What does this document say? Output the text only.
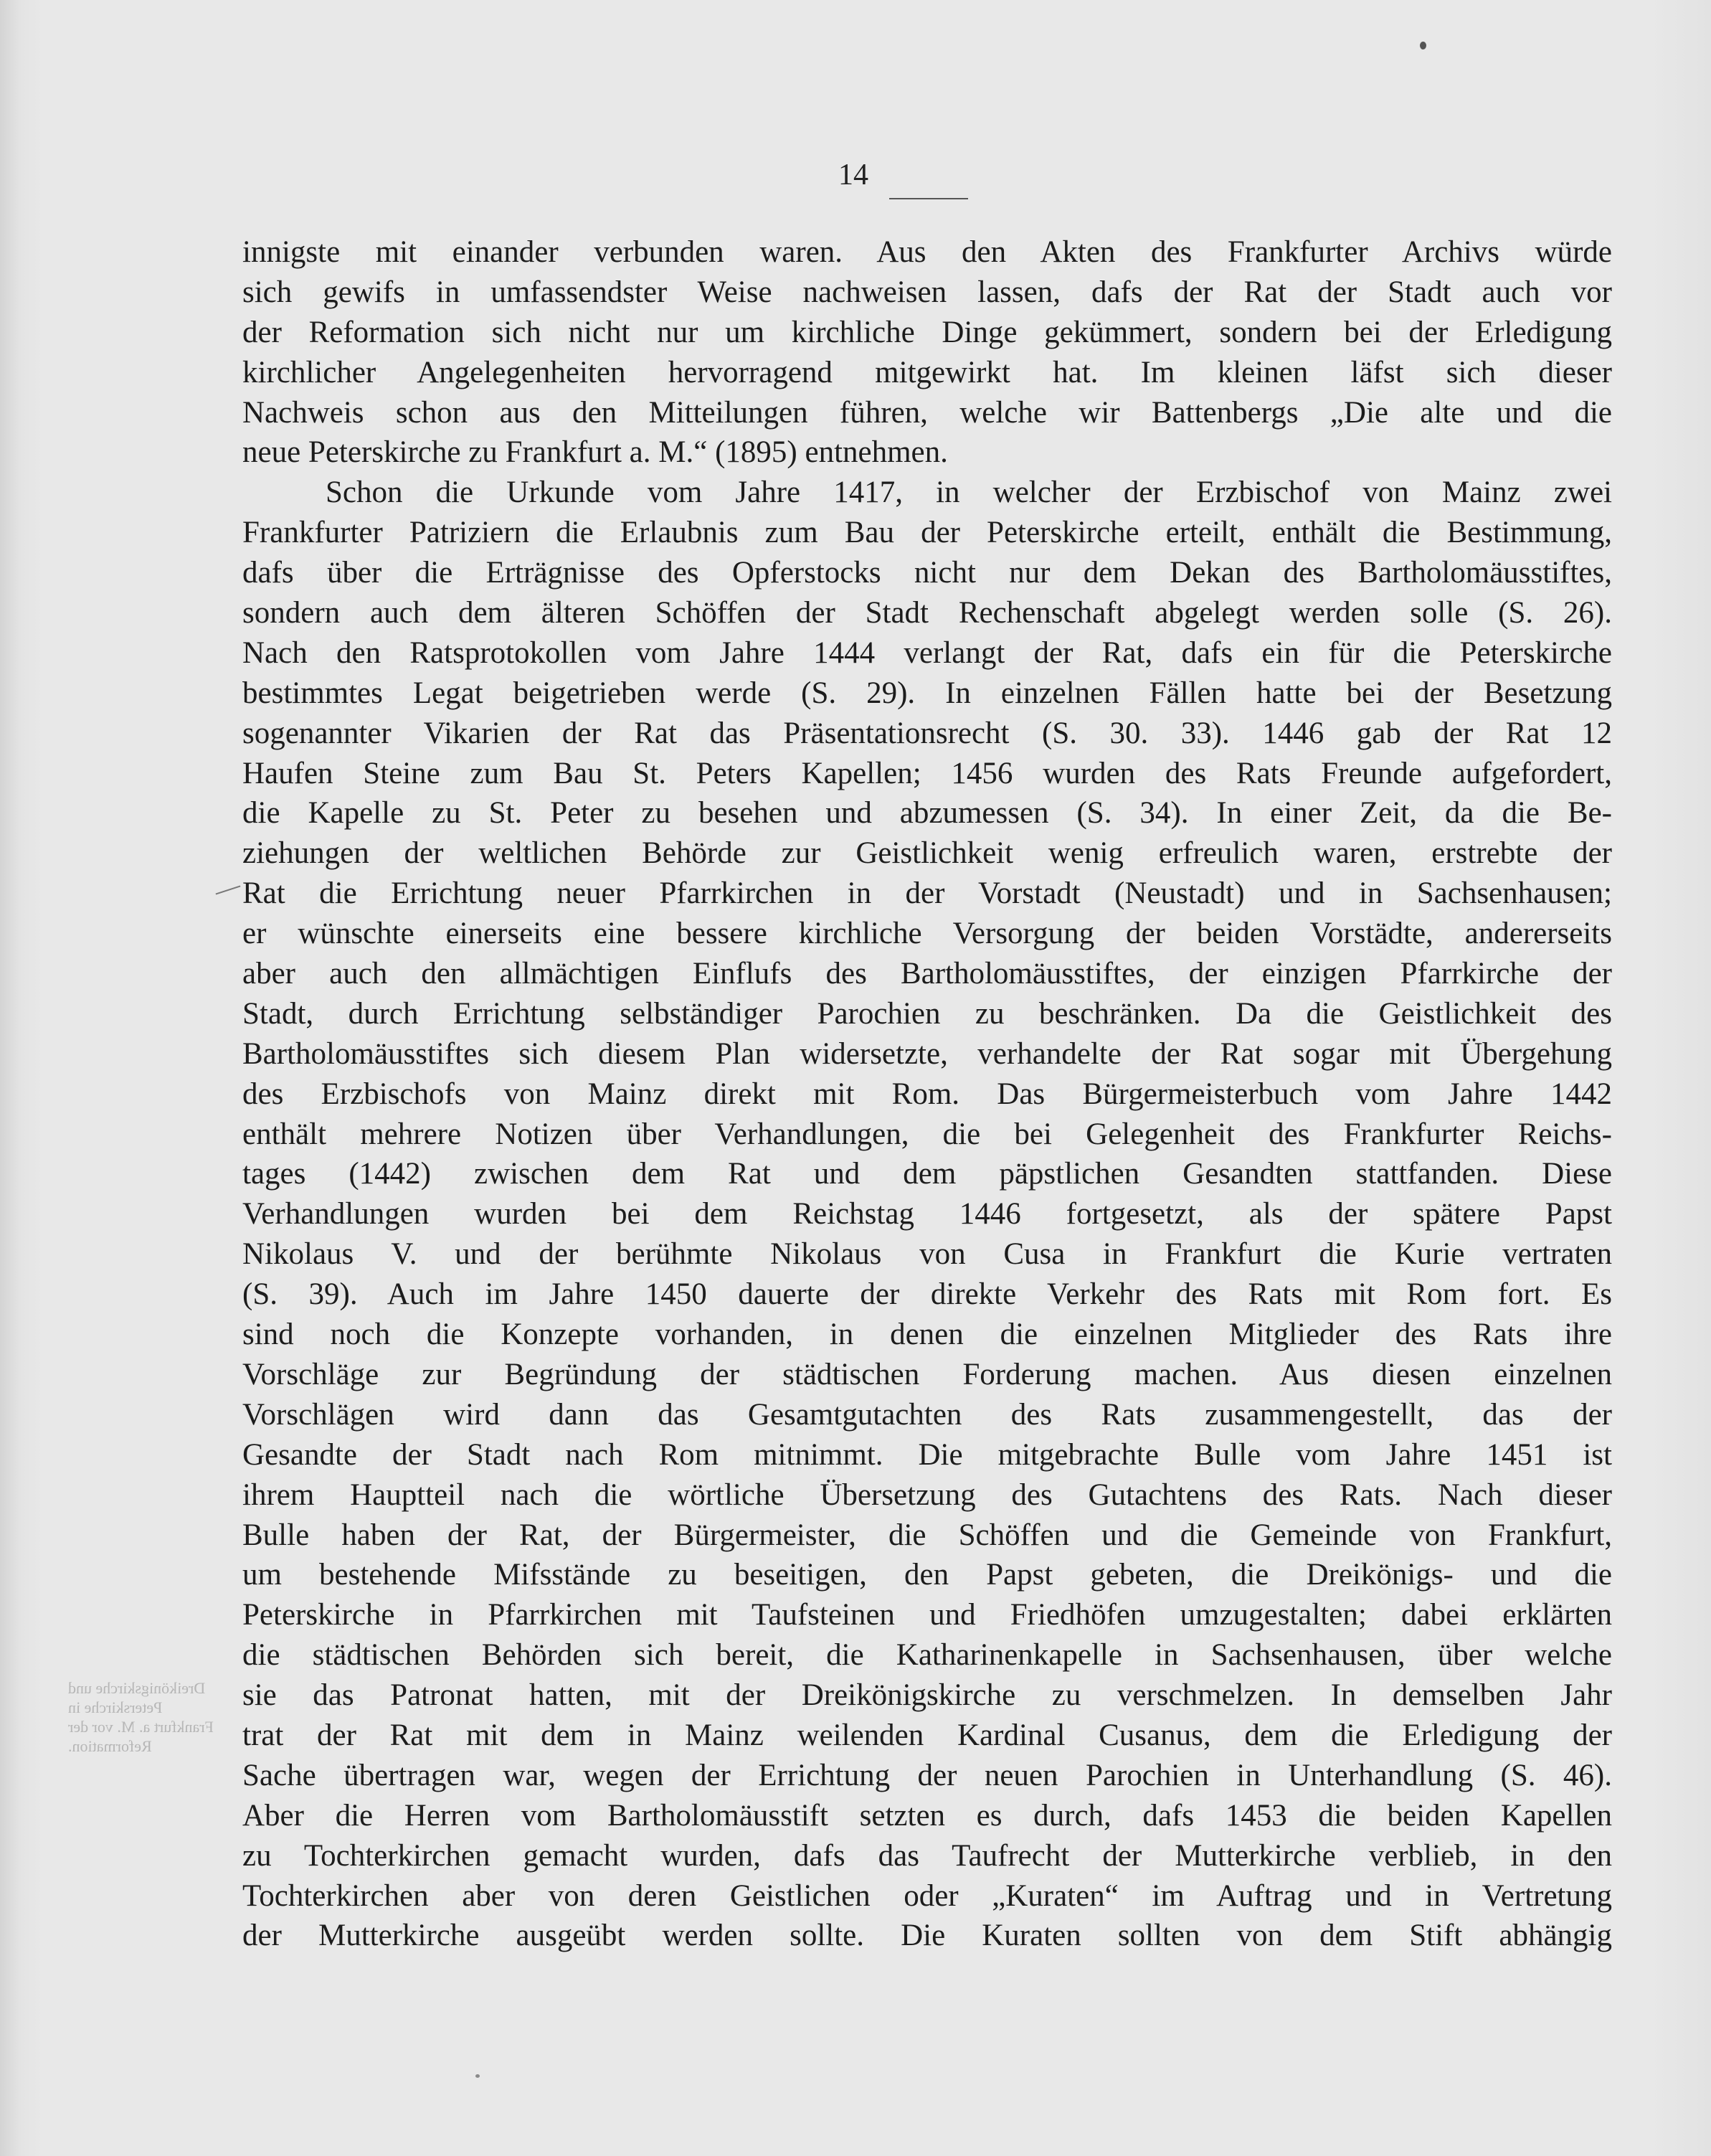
14
Dreikönigskirche und
Peterskirche in
Frankfurt a. M. vor der
Reformation.
innigste mit einander verbunden waren. Aus den Akten des Frankfurter Archivs würde
sich gewifs in umfassendster Weise nachweisen lassen, dafs der Rat der Stadt auch vor
der Reformation sich nicht nur um kirchliche Dinge gekümmert, sondern bei der Erledigung
kirchlicher Angelegenheiten hervorragend mitgewirkt hat. Im kleinen läfst sich dieser
Nachweis schon aus den Mitteilungen führen, welche wir Battenbergs „Die alte und die
neue Peterskirche zu Frankfurt a. M.“ (1895) entnehmen.
Schon die Urkunde vom Jahre 1417, in welcher der Erzbischof von Mainz zwei
Frankfurter Patriziern die Erlaubnis zum Bau der Peterskirche erteilt, enthält die Bestimmung,
dafs über die Erträgnisse des Opferstocks nicht nur dem Dekan des Bartholomäusstiftes,
sondern auch dem älteren Schöffen der Stadt Rechenschaft abgelegt werden solle (S. 26).
Nach den Ratsprotokollen vom Jahre 1444 verlangt der Rat, dafs ein für die Peterskirche
bestimmtes Legat beigetrieben werde (S. 29). In einzelnen Fällen hatte bei der Besetzung
sogenannter Vikarien der Rat das Präsentationsrecht (S. 30. 33). 1446 gab der Rat 12
Haufen Steine zum Bau St. Peters Kapellen; 1456 wurden des Rats Freunde aufgefordert,
die Kapelle zu St. Peter zu besehen und abzumessen (S. 34). In einer Zeit, da die Be-
ziehungen der weltlichen Behörde zur Geistlichkeit wenig erfreulich waren, erstrebte der
Rat die Errichtung neuer Pfarrkirchen in der Vorstadt (Neustadt) und in Sachsenhausen;
er wünschte einerseits eine bessere kirchliche Versorgung der beiden Vorstädte, andererseits
aber auch den allmächtigen Einflufs des Bartholomäusstiftes, der einzigen Pfarrkirche der
Stadt, durch Errichtung selbständiger Parochien zu beschränken. Da die Geistlichkeit des
Bartholomäusstiftes sich diesem Plan widersetzte, verhandelte der Rat sogar mit Übergehung
des Erzbischofs von Mainz direkt mit Rom. Das Bürgermeisterbuch vom Jahre 1442
enthält mehrere Notizen über Verhandlungen, die bei Gelegenheit des Frankfurter Reichs-
tages (1442) zwischen dem Rat und dem päpstlichen Gesandten stattfanden. Diese
Verhandlungen wurden bei dem Reichstag 1446 fortgesetzt, als der spätere Papst
Nikolaus V. und der berühmte Nikolaus von Cusa in Frankfurt die Kurie vertraten
(S. 39). Auch im Jahre 1450 dauerte der direkte Verkehr des Rats mit Rom fort. Es
sind noch die Konzepte vorhanden, in denen die einzelnen Mitglieder des Rats ihre
Vorschläge zur Begründung der städtischen Forderung machen. Aus diesen einzelnen
Vorschlägen wird dann das Gesamtgutachten des Rats zusammengestellt, das der
Gesandte der Stadt nach Rom mitnimmt. Die mitgebrachte Bulle vom Jahre 1451 ist
ihrem Hauptteil nach die wörtliche Übersetzung des Gutachtens des Rats. Nach dieser
Bulle haben der Rat, der Bürgermeister, die Schöffen und die Gemeinde von Frankfurt,
um bestehende Mifsstände zu beseitigen, den Papst gebeten, die Dreikönigs- und die
Peterskirche in Pfarrkirchen mit Taufsteinen und Friedhöfen umzugestalten; dabei erklärten
die städtischen Behörden sich bereit, die Katharinenkapelle in Sachsenhausen, über welche
sie das Patronat hatten, mit der Dreikönigskirche zu verschmelzen. In demselben Jahr
trat der Rat mit dem in Mainz weilenden Kardinal Cusanus, dem die Erledigung der
Sache übertragen war, wegen der Errichtung der neuen Parochien in Unterhandlung (S. 46).
Aber die Herren vom Bartholomäusstift setzten es durch, dafs 1453 die beiden Kapellen
zu Tochterkirchen gemacht wurden, dafs das Taufrecht der Mutterkirche verblieb, in den
Tochterkirchen aber von deren Geistlichen oder „Kuraten“ im Auftrag und in Vertretung
der Mutterkirche ausgeübt werden sollte. Die Kuraten sollten von dem Stift abhängig
